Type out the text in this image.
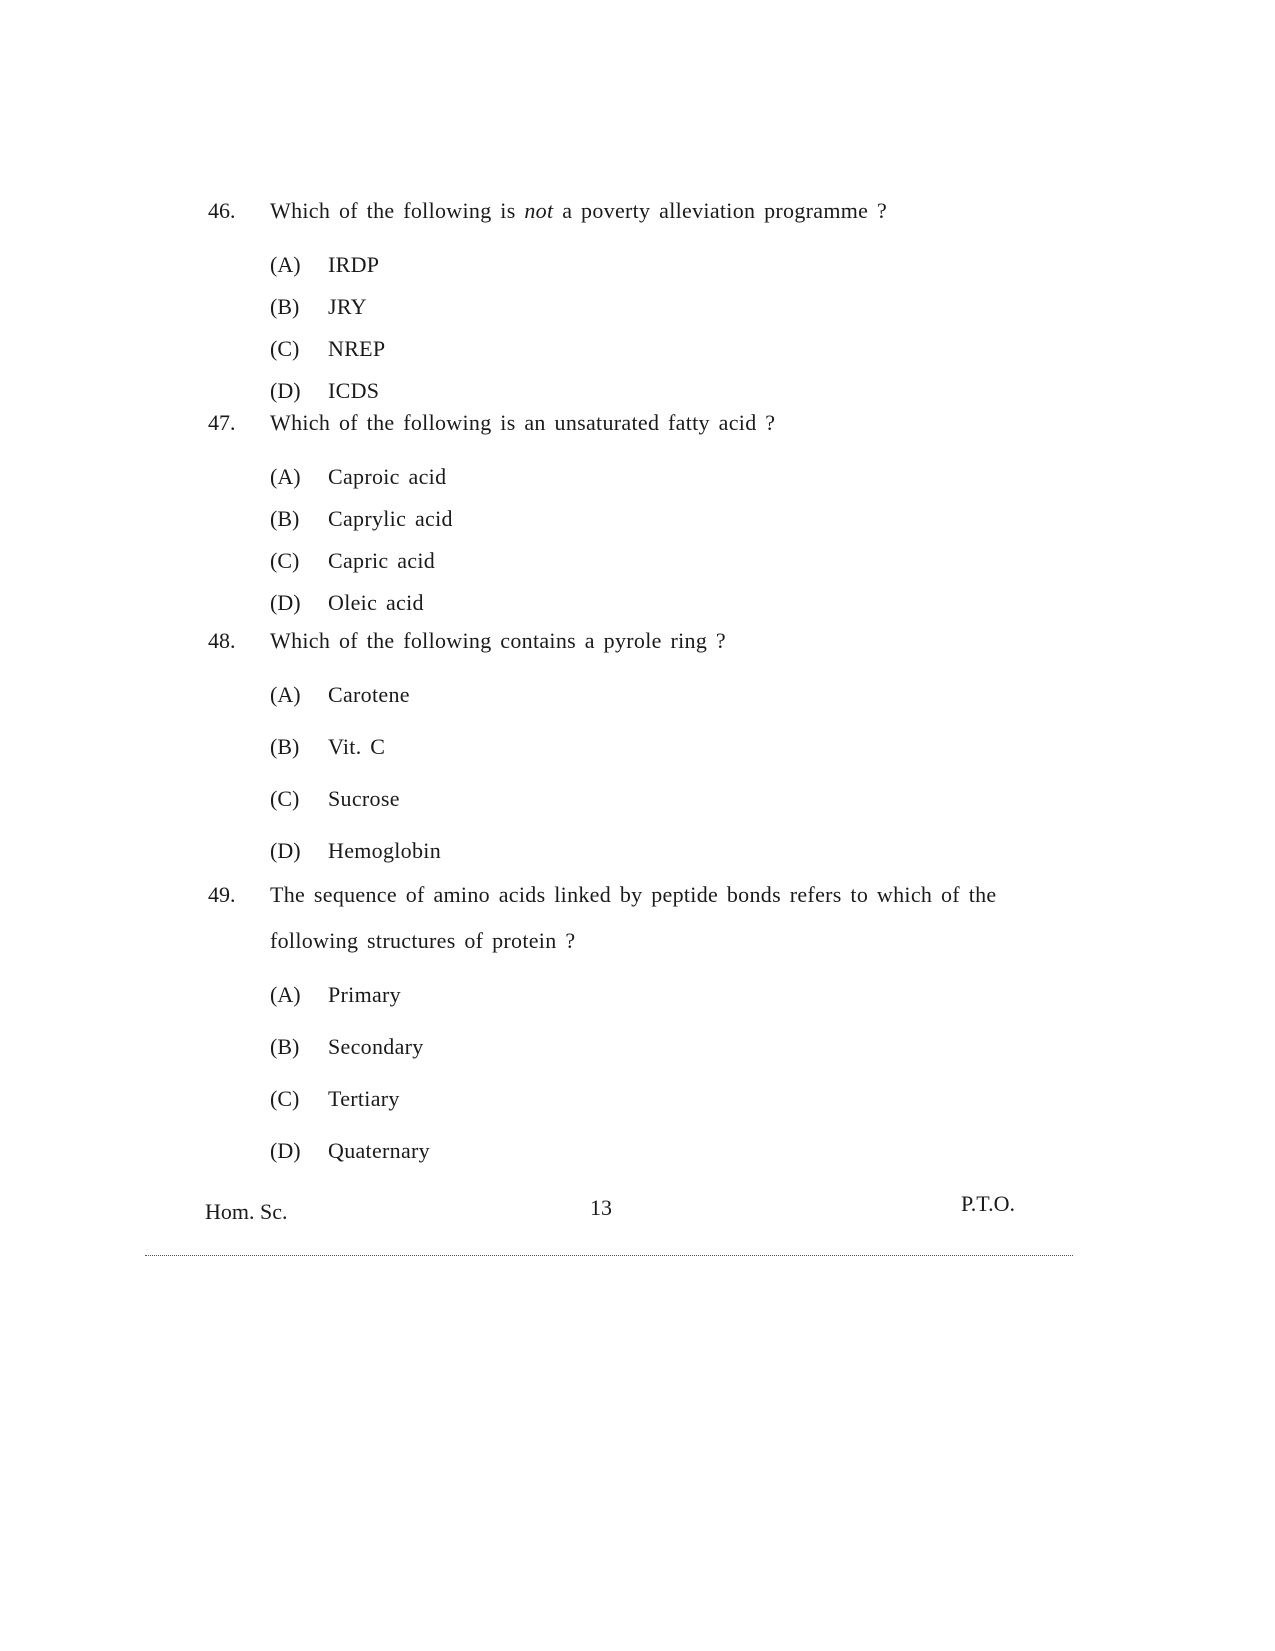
46.	Which of the following is not a poverty alleviation programme ?
(A)	IRDP
(B)	JRY
(C)	NREP
(D)	ICDS
47.	Which of the following is an unsaturated fatty acid ?
(A)	Caproic acid
(B)	Caprylic acid
(C)	Capric acid
(D)	Oleic acid
48.	Which of the following contains a pyrole ring ?
(A)	Carotene
(B)	Vit. C
(C)	Sucrose
(D)	Hemoglobin
49.	The sequence of amino acids linked by peptide bonds refers to which of the following structures of protein ?
(A)	Primary
(B)	Secondary
(C)	Tertiary
(D)	Quaternary
Hom. Sc.	13	P.T.O.
